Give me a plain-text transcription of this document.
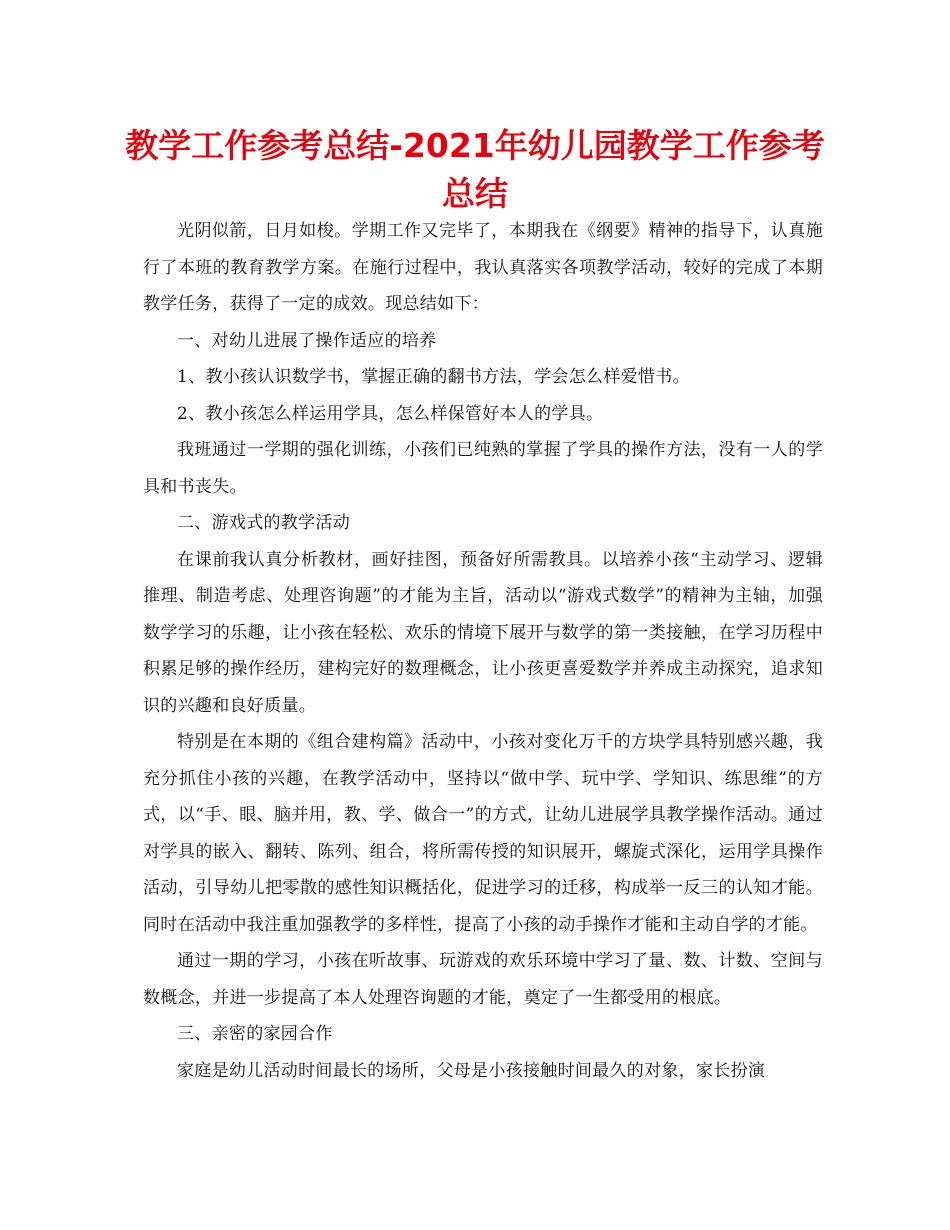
教学工作参考总结-2021年幼儿园教学工作参考总结

光阴似箭，日月如梭。学期工作又完毕了，本期我在《纲要》精神的指导下，认真施行了本班的教育教学方案。在施行过程中，我认真落实各项教学活动，较好的完成了本期教学任务，获得了一定的成效。现总结如下：

一、对幼儿进展了操作适应的培养

1、教小孩认识数学书，掌握正确的翻书方法，学会怎么样爱惜书。

2、教小孩怎么样运用学具，怎么样保管好本人的学具。

我班通过一学期的强化训练，小孩们已纯熟的掌握了学具的操作方法，没有一人的学具和书丧失。

二、游戏式的教学活动

在课前我认真分析教材，画好挂图，预备好所需教具。以培养小孩“主动学习、逻辑推理、制造考虑、处理咨询题”的才能为主旨，活动以“游戏式数学”的精神为主轴，加强数学学习的乐趣，让小孩在轻松、欢乐的情境下展开与数学的第一类接触，在学习历程中积累足够的操作经历，建构完好的数理概念，让小孩更喜爱数学并养成主动探究，追求知识的兴趣和良好质量。

特别是在本期的《组合建构篇》活动中，小孩对变化万千的方块学具特别感兴趣，我充分抓住小孩的兴趣，在教学活动中，坚持以“做中学、玩中学、学知识、练思维”的方式，以“手、眼、脑并用，教、学、做合一”的方式，让幼儿进展学具教学操作活动。通过对学具的嵌入、翻转、陈列、组合，将所需传授的知识展开，螺旋式深化，运用学具操作活动，引导幼儿把零散的感性知识概括化，促进学习的迁移，构成举一反三的认知才能。同时在活动中我注重加强教学的多样性，提高了小孩的动手操作才能和主动自学的才能。

通过一期的学习，小孩在听故事、玩游戏的欢乐环境中学习了量、数、计数、空间与数概念，并进一步提高了本人处理咨询题的才能，奠定了一生都受用的根底。

三、亲密的家园合作

家庭是幼儿活动时间最长的场所，父母是小孩接触时间最久的对象，家长扮演
